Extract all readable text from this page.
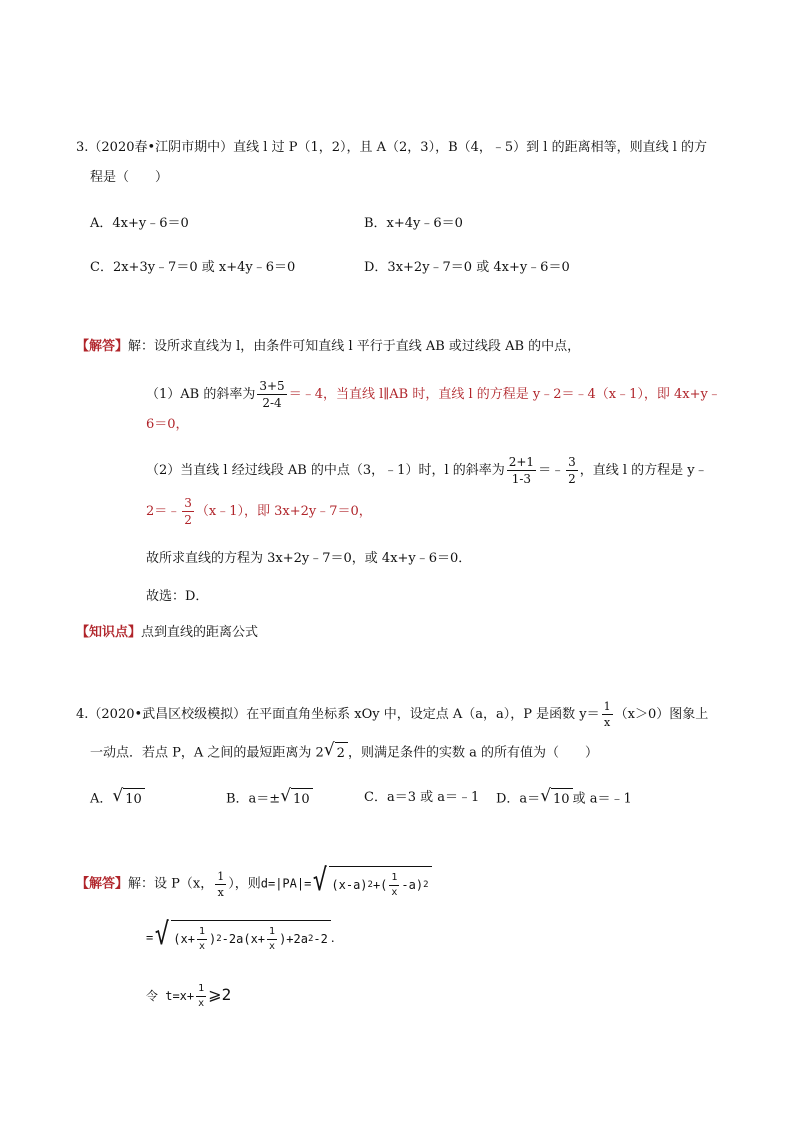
3.（2020春•江阴市期中）直线 l 过 P（1，2），且 A（2，3），B（4，﹣5）到 l 的距离相等，则直线 l 的方
程是（　　）
A．4x+y﹣6＝0	B．x+4y﹣6＝0
C．2x+3y﹣7＝0 或 x+4y﹣6＝0	D．3x+2y﹣7＝0 或 4x+y﹣6＝0
【解答】解：设所求直线为 l，由条件可知直线 l 平行于直线 AB 或过线段 AB 的中点，
（1）AB 的斜率为 $\frac{3+5}{2-4}$ ＝﹣4，当直线 l∥AB 时，直线 l 的方程是 y﹣2＝﹣4（x﹣1），即 4x+y﹣
6＝0，
（2）当直线 l 经过线段 AB 的中点（3，﹣1）时，l 的斜率为 $\frac{2+1}{1-3}$ ＝﹣ $\frac{3}{2}$ ，直线 l 的方程是 y﹣
2＝﹣ $\frac{3}{2}$ （x﹣1），即 3x+2y﹣7＝0，
故所求直线的方程为 3x+2y﹣7＝0，或 4x+y﹣6＝0．
故选：D．
【知识点】点到直线的距离公式
4.（2020•武昌区校级模拟）在平面直角坐标系 xOy 中，设定点 A（a，a），P 是函数 $y= \frac{1}{x} (x>0)$图象上
一动点．若点 P，A 之间的最短距离为 2 √ 2 ，则满足条件的实数 a 的所有值为（　　）
A． √ 10	B．a＝± √ 10	C．a＝3 或 a＝﹣1 D．a＝ √ 10 或 a＝﹣1
【解答】解：设 P（x， $\frac{1}{x}$ ），则d=|PA|= √ (x-a) 2 +( $\frac{1}{x} -a$) 2
= √ ($x+ \frac{1}{x}$ ) 2 $-2a(x+ \frac{1}{x} )+2a$ 2 -2 ．
令 $t=x+ \frac{1}{x}$ ⩾2
